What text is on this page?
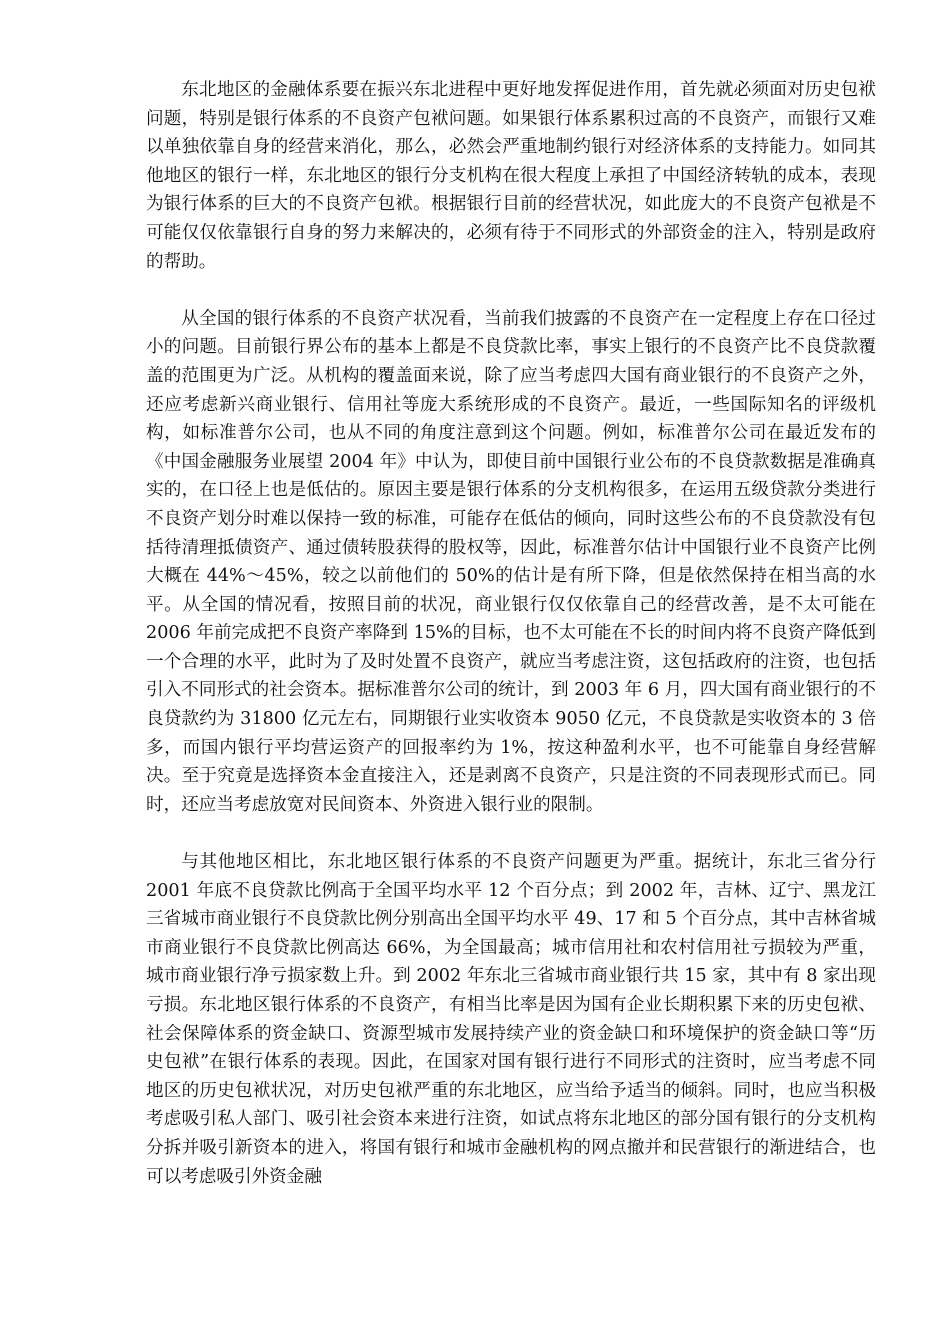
东北地区的金融体系要在振兴东北进程中更好地发挥促进作用，首先就必须面对历史包袱问题，特别是银行体系的不良资产包袱问题。如果银行体系累积过高的不良资产，而银行又难以单独依靠自身的经营来消化，那么，必然会严重地制约银行对经济体系的支持能力。如同其他地区的银行一样，东北地区的银行分支机构在很大程度上承担了中国经济转轨的成本，表现为银行体系的巨大的不良资产包袱。根据银行目前的经营状况，如此庞大的不良资产包袱是不可能仅仅依靠银行自身的努力来解决的，必须有待于不同形式的外部资金的注入，特别是政府的帮助。

从全国的银行体系的不良资产状况看，当前我们披露的不良资产在一定程度上存在口径过小的问题。目前银行界公布的基本上都是不良贷款比率，事实上银行的不良资产比不良贷款覆盖的范围更为广泛。从机构的覆盖面来说，除了应当考虑四大国有商业银行的不良资产之外，还应考虑新兴商业银行、信用社等庞大系统形成的不良资产。最近，一些国际知名的评级机构，如标准普尔公司，也从不同的角度注意到这个问题。例如，标准普尔公司在最近发布的《中国金融服务业展望 2004 年》中认为，即使目前中国银行业公布的不良贷款数据是准确真实的，在口径上也是低估的。原因主要是银行体系的分支机构很多，在运用五级贷款分类进行不良资产划分时难以保持一致的标准，可能存在低估的倾向，同时这些公布的不良贷款没有包括待清理抵债资产、通过债转股获得的股权等，因此，标准普尔估计中国银行业不良资产比例大概在 44%～45%，较之以前他们的 50%的估计是有所下降，但是依然保持在相当高的水平。从全国的情况看，按照目前的状况，商业银行仅仅依靠自己的经营改善，是不太可能在 2006 年前完成把不良资产率降到 15%的目标，也不太可能在不长的时间内将不良资产降低到一个合理的水平，此时为了及时处置不良资产，就应当考虑注资，这包括政府的注资，也包括引入不同形式的社会资本。据标准普尔公司的统计，到 2003 年 6 月，四大国有商业银行的不良贷款约为 31800 亿元左右，同期银行业实收资本 9050 亿元，不良贷款是实收资本的 3 倍多，而国内银行平均营运资产的回报率约为 1%，按这种盈利水平，也不可能靠自身经营解决。至于究竟是选择资本金直接注入，还是剥离不良资产，只是注资的不同表现形式而已。同时，还应当考虑放宽对民间资本、外资进入银行业的限制。

与其他地区相比，东北地区银行体系的不良资产问题更为严重。据统计，东北三省分行 2001 年底不良贷款比例高于全国平均水平 12 个百分点；到 2002 年，吉林、辽宁、黑龙江三省城市商业银行不良贷款比例分别高出全国平均水平 49、17 和 5 个百分点，其中吉林省城市商业银行不良贷款比例高达 66%，为全国最高；城市信用社和农村信用社亏损较为严重，城市商业银行净亏损家数上升。到 2002 年东北三省城市商业银行共 15 家，其中有 8 家出现亏损。东北地区银行体系的不良资产，有相当比率是因为国有企业长期积累下来的历史包袱、社会保障体系的资金缺口、资源型城市发展持续产业的资金缺口和环境保护的资金缺口等“历史包袱”在银行体系的表现。因此，在国家对国有银行进行不同形式的注资时，应当考虑不同地区的历史包袱状况，对历史包袱严重的东北地区，应当给予适当的倾斜。同时，也应当积极考虑吸引私人部门、吸引社会资本来进行注资，如试点将东北地区的部分国有银行的分支机构分拆并吸引新资本的进入，将国有银行和城市金融机构的网点撤并和民营银行的渐进结合，也可以考虑吸引外资金融
